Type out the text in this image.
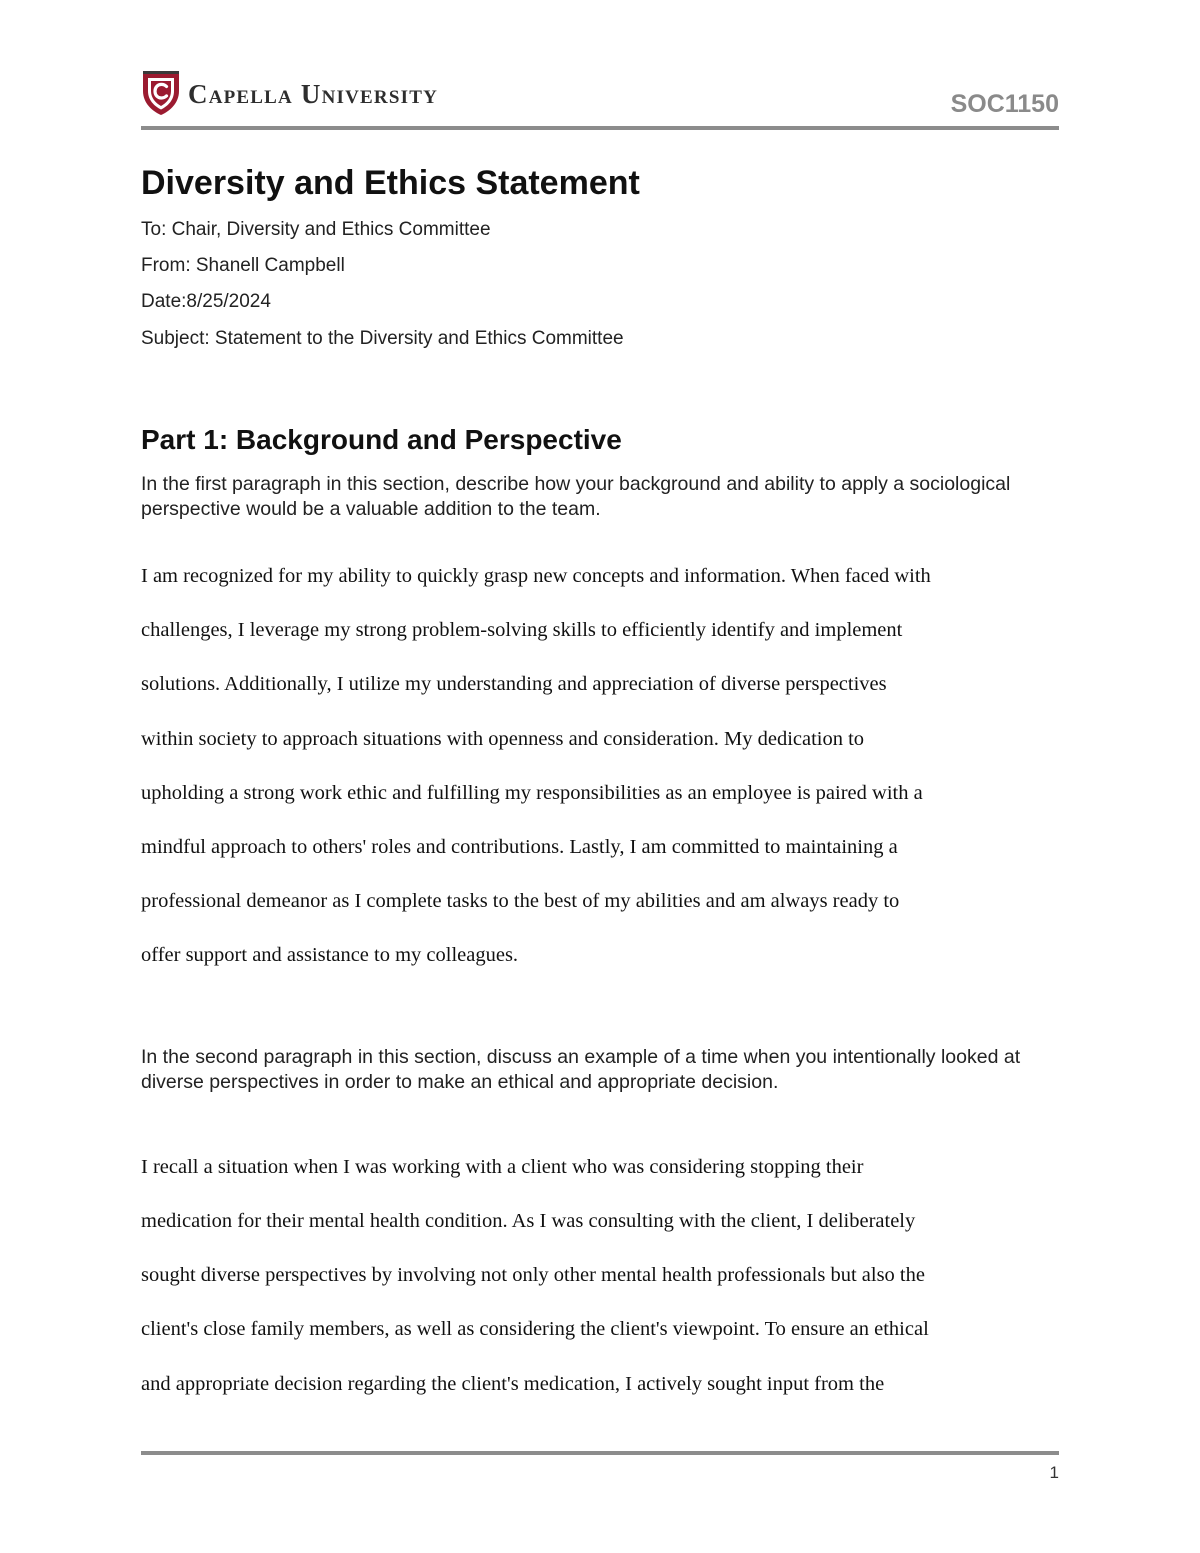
Capella University	SOC1150
Diversity and Ethics Statement

To: Chair, Diversity and Ethics Committee

From: Shanell Campbell

Date:8/25/2024

Subject: Statement to the Diversity and Ethics Committee

Part 1: Background and Perspective

In the first paragraph in this section, describe how your background and ability to apply a sociological perspective would be a valuable addition to the team.

I am recognized for my ability to quickly grasp new concepts and information. When faced with

challenges, I leverage my strong problem-solving skills to efficiently identify and implement

solutions. Additionally, I utilize my understanding and appreciation of diverse perspectives

within society to approach situations with openness and consideration. My dedication to

upholding a strong work ethic and fulfilling my responsibilities as an employee is paired with a

mindful approach to others' roles and contributions. Lastly, I am committed to maintaining a

professional demeanor as I complete tasks to the best of my abilities and am always ready to

offer support and assistance to my colleagues.

In the second paragraph in this section, discuss an example of a time when you intentionally looked at diverse perspectives in order to make an ethical and appropriate decision.

I recall a situation when I was working with a client who was considering stopping their

medication for their mental health condition. As I was consulting with the client, I deliberately

sought diverse perspectives by involving not only other mental health professionals but also the

client's close family members, as well as considering the client's viewpoint. To ensure an ethical

and appropriate decision regarding the client's medication, I actively sought input from the

1
